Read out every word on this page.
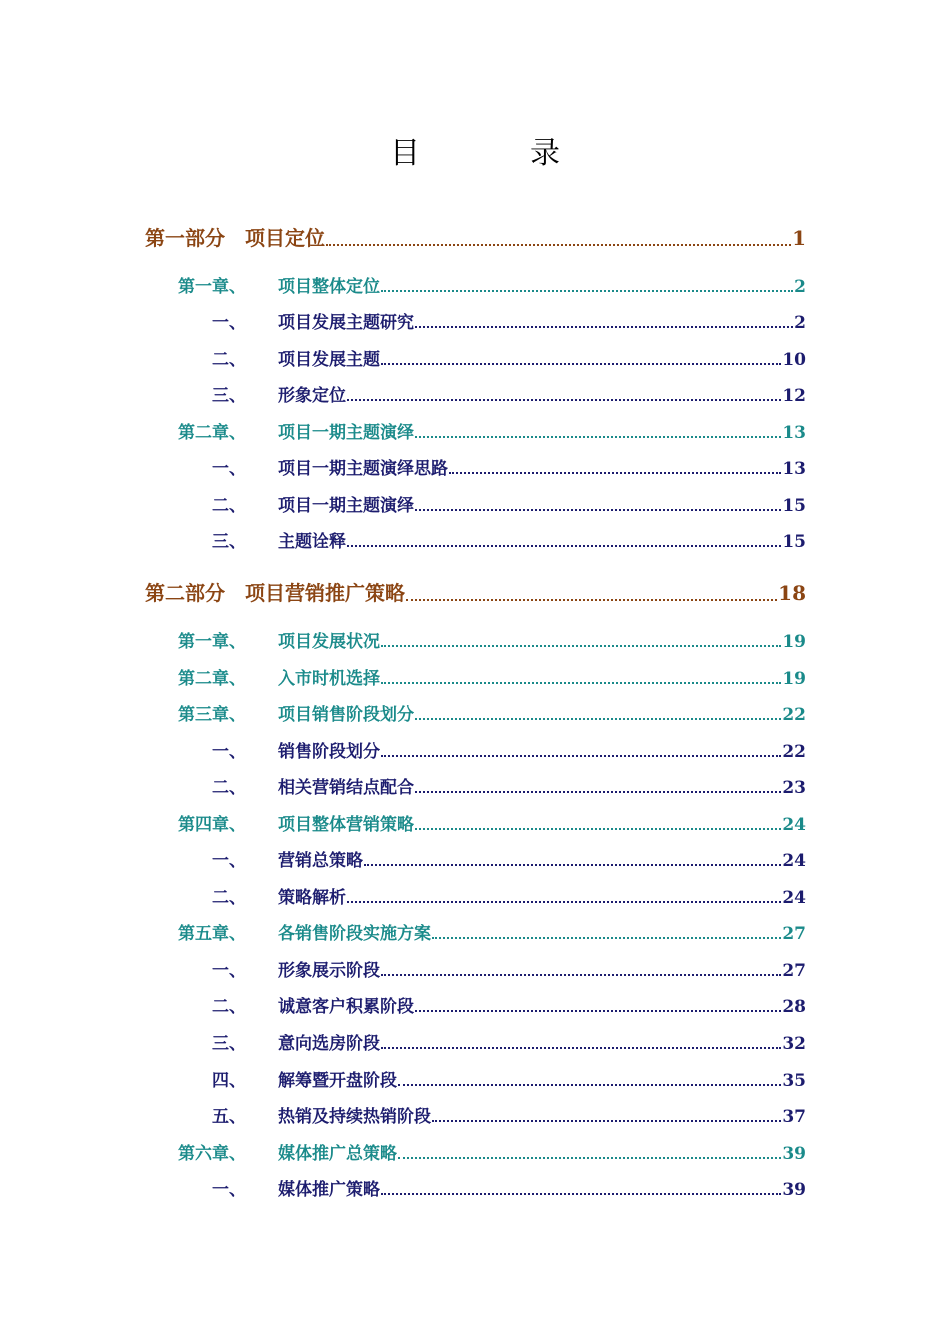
目　录
第一部分 项目定位	1
第一章、 项目整体定位	2
一、 项目发展主题研究	2
二、 项目发展主题	10
三、 形象定位	12
第二章、 项目一期主题演绎	13
一、 项目一期主题演绎思路	13
二、 项目一期主题演绎	15
三、 主题诠释	15
第二部分 项目营销推广策略	18
第一章、 项目发展状况	19
第二章、 入市时机选择	19
第三章、 项目销售阶段划分	22
一、 销售阶段划分	22
二、 相关营销结点配合	23
第四章、 项目整体营销策略	24
一、 营销总策略	24
二、 策略解析	24
第五章、 各销售阶段实施方案	27
一、 形象展示阶段	27
二、 诚意客户积累阶段	28
三、 意向选房阶段	32
四、 解筹暨开盘阶段	35
五、 热销及持续热销阶段	37
第六章、 媒体推广总策略	39
一、 媒体推广策略	39
